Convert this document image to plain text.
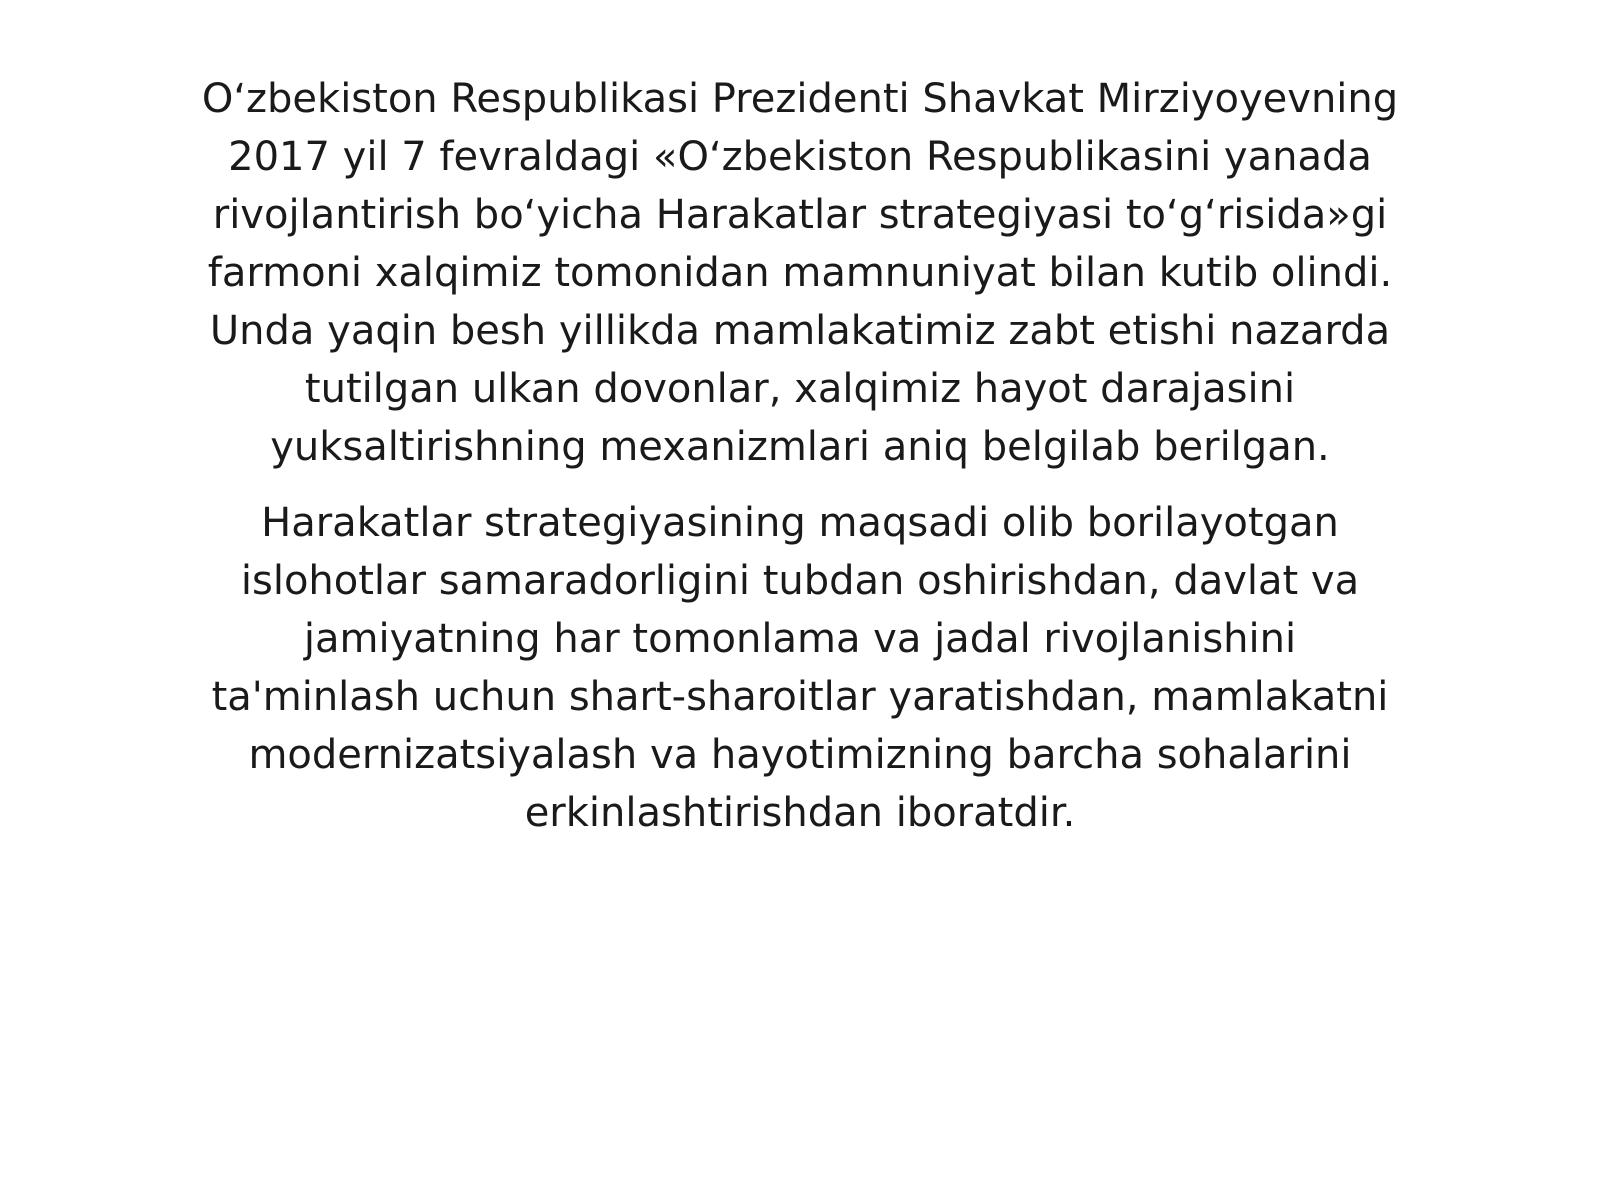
O‘zbekiston Respublikasi Prezidenti Shavkat Mirziyoyevning 2017 yil 7 fevraldagi «O‘zbekiston Respublikasini yanada rivojlantirish bo‘yicha Harakatlar strategiyasi to‘g‘risida»gi farmoni xalqimiz tomonidan mamnuniyat bilan kutib olindi. Unda yaqin besh yillikda mamlakatimiz zabt etishi nazarda tutilgan ulkan dovonlar, xalqimiz hayot darajasini yuksaltirishning mexanizmlari aniq belgilab berilgan.

Harakatlar strategiyasining maqsadi olib borilayotgan islohotlar samaradorligini tubdan oshirishdan, davlat va jamiyatning har tomonlama va jadal rivojlanishini ta'minlash uchun shart-sharoitlar yaratishdan, mamlakatni modernizatsiyalash va hayotimizning barcha sohalarini erkinlashtirishdan iboratdir.
